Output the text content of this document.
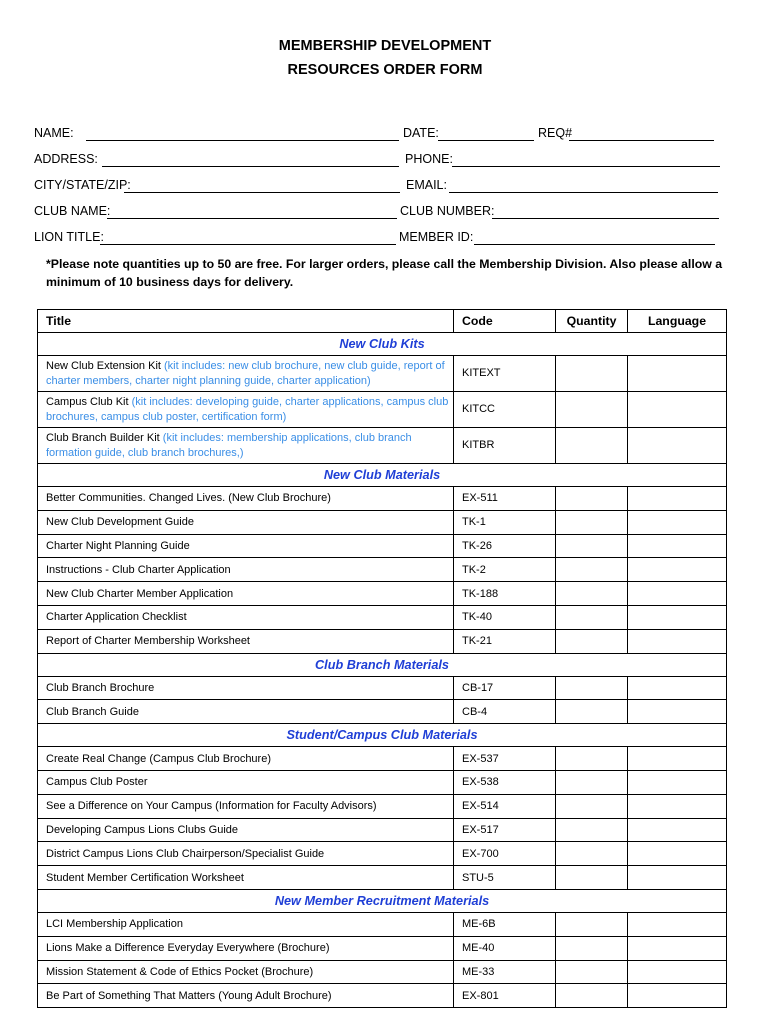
MEMBERSHIP DEVELOPMENT
RESOURCES ORDER FORM
NAME:	DATE:	REQ#
ADDRESS:	PHONE:
CITY/STATE/ZIP:	EMAIL:
CLUB NAME:	CLUB NUMBER:
LION TITLE:	MEMBER ID:
*Please note quantities up to 50 are free. For larger orders, please call the Membership Division. Also please allow a minimum of 10 business days for delivery.
Title	Code	Quantity	Language
New Club Kits			
New Club Extension Kit (kit includes: new club brochure, new club guide, report of charter members, charter night planning guide, charter application)	KITEXT		
Campus Club Kit (kit includes: developing guide, charter applications, campus club brochures, campus club poster, certification form)	KITCC		
Club Branch Builder Kit (kit includes: membership applications, club branch formation guide, club branch brochures,)	KITBR		
New Club Materials			
Better Communities. Changed Lives. (New Club Brochure)	EX-511		
New Club Development Guide	TK-1		
Charter Night Planning Guide	TK-26		
Instructions - Club Charter Application	TK-2		
New Club Charter Member Application	TK-188		
Charter Application Checklist	TK-40		
Report of Charter Membership Worksheet	TK-21		
Club Branch Materials			
Club Branch Brochure	CB-17		
Club Branch Guide	CB-4		
Student/Campus Club Materials			
Create Real Change (Campus Club Brochure)	EX-537		
Campus Club Poster	EX-538		
See a Difference on Your Campus (Information for Faculty Advisors)	EX-514		
Developing Campus Lions Clubs Guide	EX-517		
District Campus Lions Club Chairperson/Specialist Guide	EX-700		
Student Member Certification Worksheet	STU-5		
New Member Recruitment Materials			
LCI Membership Application	ME-6B		
Lions Make a Difference Everyday Everywhere (Brochure)	ME-40		
Mission Statement & Code of Ethics Pocket (Brochure)	ME-33		
Be Part of Something That Matters (Young Adult Brochure)	EX-801		
